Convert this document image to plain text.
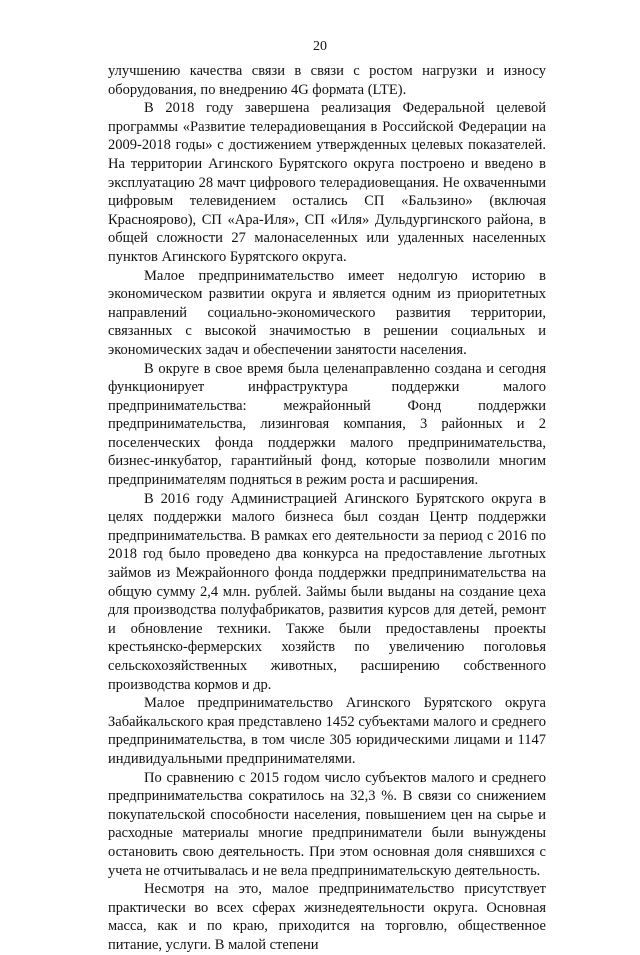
20

улучшению качества связи в связи с ростом нагрузки и износу оборудования, по внедрению 4G формата (LTE).

В 2018 году завершена реализация Федеральной целевой программы «Развитие телерадиовещания в Российской Федерации на 2009-2018 годы» с достижением утвержденных целевых показателей. На территории Агинского Бурятского округа построено и введено в эксплуатацию 28 мачт цифрового телерадиовещания. Не охваченными цифровым телевидением остались СП «Бальзино» (включая Красноярово), СП «Ара-Иля», СП «Иля» Дульдургинского района, в общей сложности 27 малонаселенных или удаленных населенных пунктов Агинского Бурятского округа.

Малое предпринимательство имеет недолгую историю в экономическом развитии округа и является одним из приоритетных направлений социально-экономического развития территории, связанных с высокой значимостью в решении социальных и экономических задач и обеспечении занятости населения.

В округе в свое время была целенаправленно создана и сегодня функционирует инфраструктура поддержки малого предпринимательства: межрайонный Фонд поддержки предпринимательства, лизинговая компания, 3 районных и 2 поселенческих фонда поддержки малого предпринимательства, бизнес-инкубатор, гарантийный фонд, которые позволили многим предпринимателям подняться в режим роста и расширения.

В 2016 году Администрацией Агинского Бурятского округа в целях поддержки малого бизнеса был создан Центр поддержки предпринимательства. В рамках его деятельности за период с 2016 по 2018 год было проведено два конкурса на предоставление льготных займов из Межрайонного фонда поддержки предпринимательства на общую сумму 2,4 млн. рублей. Займы были выданы на создание цеха для производства полуфабрикатов, развития курсов для детей, ремонт и обновление техники. Также были предоставлены проекты крестьянско-фермерских хозяйств по увеличению поголовья сельскохозяйственных животных, расширению собственного производства кормов и др.

Малое предпринимательство Агинского Бурятского округа Забайкальского края представлено 1452 субъектами малого и среднего предпринимательства, в том числе 305 юридическими лицами и 1147 индивидуальными предпринимателями.

По сравнению с 2015 годом число субъектов малого и среднего предпринимательства сократилось на 32,3 %. В связи со снижением покупательской способности населения, повышением цен на сырье и расходные материалы многие предприниматели были вынуждены остановить свою деятельность. При этом основная доля снявшихся с учета не отчитывалась и не вела предпринимательскую деятельность.

Несмотря на это, малое предпринимательство присутствует практически во всех сферах жизнедеятельности округа. Основная масса, как и по краю, приходится на торговлю, общественное питание, услуги. В малой степени
